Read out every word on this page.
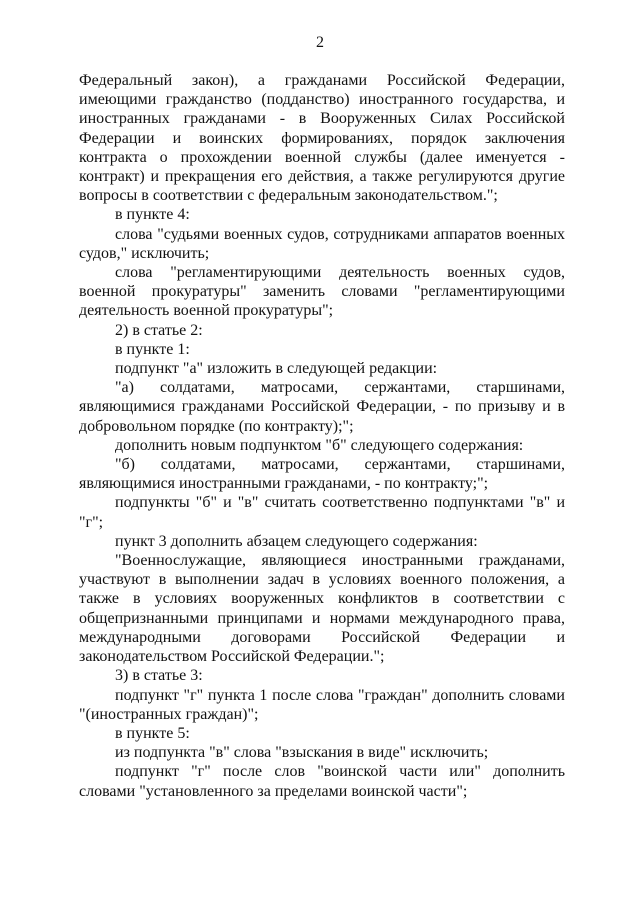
2

Федеральный закон), а гражданами Российской Федерации, имеющими гражданство (подданство) иностранного государства, и иностранных гражданами - в Вооруженных Силах Российской Федерации и воинских формированиях, порядок заключения контракта о прохождении военной службы (далее именуется - контракт) и прекращения его действия, а также регулируются другие вопросы в соответствии с федеральным законодательством.";

в пункте 4:

слова "судьями военных судов, сотрудниками аппаратов военных судов," исключить;

слова "регламентирующими деятельность военных судов, военной прокуратуры" заменить словами "регламентирующими деятельность военной прокуратуры";

2) в статье 2:

в пункте 1:

подпункт "а" изложить в следующей редакции:

"а) солдатами, матросами, сержантами, старшинами, являющимися гражданами Российской Федерации, - по призыву и в добровольном порядке (по контракту);";

дополнить новым подпунктом "б" следующего содержания:

"б) солдатами, матросами, сержантами, старшинами, являющимися иностранными гражданами, - по контракту;";

подпункты "б" и "в" считать соответственно подпунктами "в" и "г";

пункт 3 дополнить абзацем следующего содержания:

"Военнослужащие, являющиеся иностранными гражданами, участвуют в выполнении задач в условиях военного положения, а также в условиях вооруженных конфликтов в соответствии с общепризнанными принципами и нормами международного права, международными договорами Российской Федерации и законодательством Российской Федерации.";

3) в статье 3:

подпункт "г" пункта 1 после слова "граждан" дополнить словами "(иностранных граждан)";

в пункте 5:

из подпункта "в" слова "взыскания в виде" исключить;

подпункт "г" после слов "воинской части или" дополнить словами "установленного за пределами воинской части";
